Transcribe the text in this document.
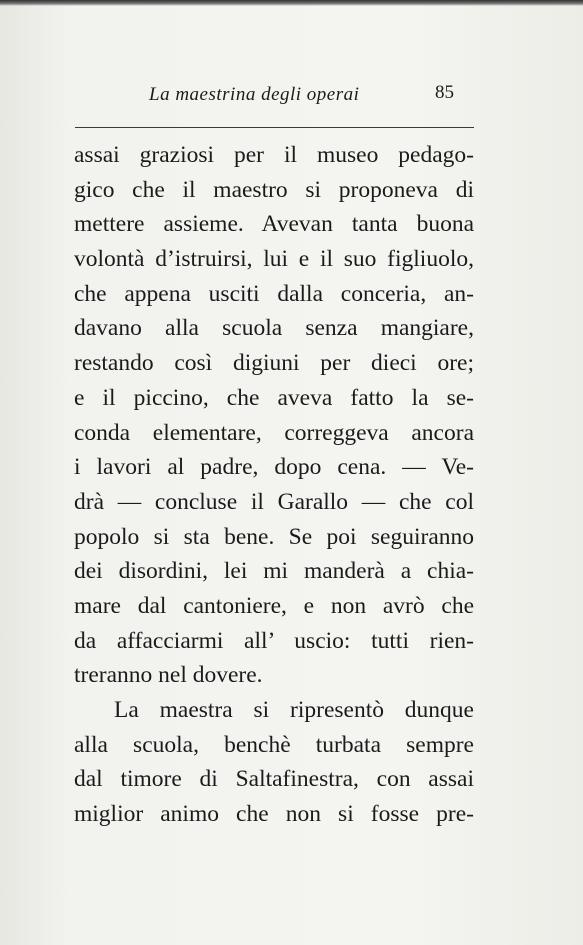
La maestrina degli operai	85
assai graziosi per il museo pedago-
gico che il maestro si proponeva di
mettere assieme. Avevan tanta buona
volontà d’istruirsi, lui e il suo figliuolo,
che appena usciti dalla conceria, an-
davano alla scuola senza mangiare,
restando così digiuni per dieci ore;
e il piccino, che aveva fatto la se-
conda elementare, correggeva ancora
i lavori al padre, dopo cena. — Ve-
drà — concluse il Garallo — che col
popolo si sta bene. Se poi seguiranno
dei disordini, lei mi manderà a chia-
mare dal cantoniere, e non avrò che
da affacciarmi all’ uscio: tutti rien-
treranno nel dovere.
La maestra si ripresentò dunque
alla scuola, benchè turbata sempre
dal timore di Saltafinestra, con assai
miglior animo che non si fosse pre-
